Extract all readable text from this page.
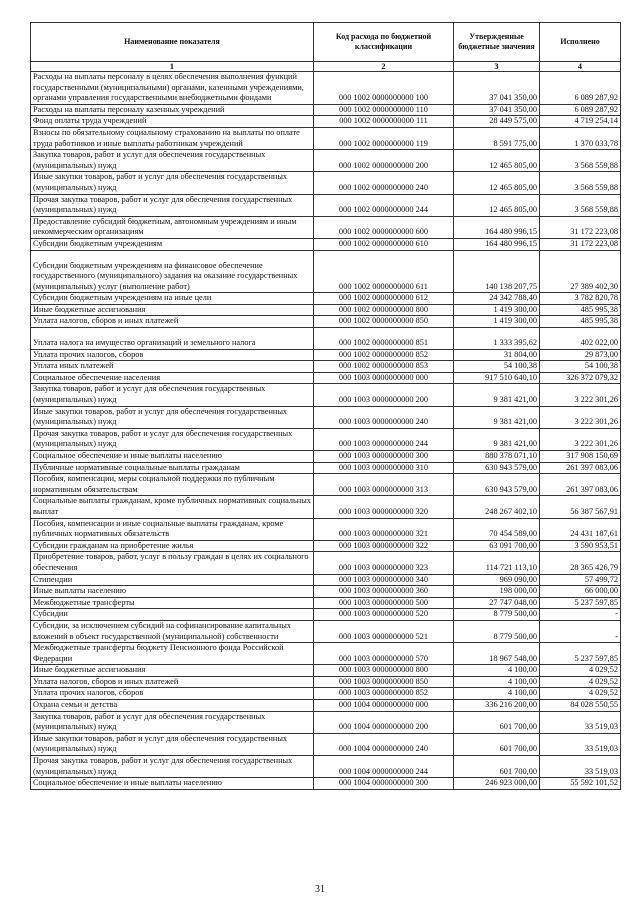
Наименование показателя	Код расхода по бюджетной классификации	Утвержденные бюджетные значения	Исполнено
1	2	3	4
Расходы на выплаты персоналу в целях обеспечения выполнения функций государственными (муниципальными) органами, казенными учреждениями, органами управления государственными внебюджетными фондами	000 1002 0000000000 100	37 041 350,00	6 089 287,92
Расходы на выплаты персоналу казенных учреждений	000 1002 0000000000 110	37 041 350,00	6 089 287,92
Фонд оплаты труда учреждений	000 1002 0000000000 111	28 449 575,00	4 719 254,14
Взносы по обязательному социальному страхованию на выплаты по оплате труда работников и иные выплаты работникам учреждений	000 1002 0000000000 119	8 591 775,00	1 370 033,78
Закупка товаров, работ и услуг для обеспечения государственных (муниципальных) нужд	000 1002 0000000000 200	12 465 805,00	3 568 559,88
Иные закупки товаров, работ и услуг для обеспечения государственных (муниципальных) нужд	000 1002 0000000000 240	12 465 805,00	3 568 559,88
Прочая закупка товаров, работ и услуг для обеспечения государственных (муниципальных) нужд	000 1002 0000000000 244	12 465 805,00	3 568 559,88
Предоставление субсидий бюджетным, автономным учреждениям и иным некоммерческим организациям	000 1002 0000000000 600	164 480 996,15	31 172 223,08
Субсидии бюджетным учреждениям	000 1002 0000000000 610	164 480 996,15	31 172 223,08
Субсидии бюджетным учреждениям на финансовое обеспечение государственного (муниципального) задания на оказание государственных (муниципальных) услуг (выполнение работ)	000 1002 0000000000 611	140 138 207,75	27 389 402,30
Субсидии бюджетным учреждениям на иные цели	000 1002 0000000000 612	24 342 788,40	3 782 820,78
Иные бюджетные ассигнования	000 1002 0000000000 800	1 419 300,00	485 995,38
Уплата налогов, сборов и иных платежей	000 1002 0000000000 850	1 419 300,00	485 995,38
Уплата налога на имущество организаций и земельного налога	000 1002 0000000000 851	1 333 395,62	402 022,00
Уплата прочих налогов, сборов	000 1002 0000000000 852	31 804,00	29 873,00
Уплата иных платежей	000 1002 0000000000 853	54 100,38	54 100,38
Социальное обеспечение населения	000 1003 0000000000 000	917 510 640,10	326 372 079,32
Закупка товаров, работ и услуг для обеспечения государственных (муниципальных) нужд	000 1003 0000000000 200	9 381 421,00	3 222 301,26
Иные закупки товаров, работ и услуг для обеспечения государственных (муниципальных) нужд	000 1003 0000000000 240	9 381 421,00	3 222 301,26
Прочая закупка товаров, работ и услуг для обеспечения государственных (муниципальных) нужд	000 1003 0000000000 244	9 381 421,00	3 222 301,26
Социальное обеспечение и иные выплаты населению	000 1003 0000000000 300	880 378 071,10	317 908 150,69
Публичные нормативные социальные выплаты гражданам	000 1003 0000000000 310	630 943 579,00	261 397 083,06
Пособия, компенсации, меры социальной поддержки по публичным нормативным обязательствам	000 1003 0000000000 313	630 943 579,00	261 397 083,06
Социальные выплаты гражданам, кроме публичных нормативных социальных выплат	000 1003 0000000000 320	248 267 402,10	56 387 567,91
Пособия, компенсации и иные социальные выплаты гражданам, кроме публичных нормативных обязательств	000 1003 0000000000 321	70 454 589,00	24 431 187,61
Субсидии гражданам на приобретение жилья	000 1003 0000000000 322	63 091 700,00	3 590 953,51
Приобретение товаров, работ, услуг в пользу граждан в целях их социального обеспечения	000 1003 0000000000 323	114 721 113,10	28 365 426,79
Стипендии	000 1003 0000000000 340	969 090,00	57 499,72
Иные выплаты населению	000 1003 0000000000 360	198 000,00	66 000,00
Межбюджетные трансферты	000 1003 0000000000 500	27 747 048,00	5 237 597,85
Субсидии	000 1003 0000000000 520	8 779 500,00	-
Субсидии, за исключением субсидий на софинансирование капитальных вложений в объект государственной (муниципальной) собственности	000 1003 0000000000 521	8 779 500,00	-
Межбюджетные трансферты бюджету Пенсионного фонда Российской Федерации	000 1003 0000000000 570	18 967 548,00	5 237 597,85
Иные бюджетные ассигнования	000 1003 0000000000 800	4 100,00	4 029,52
Уплата налогов, сборов и иных платежей	000 1003 0000000000 850	4 100,00	4 029,52
Уплата прочих налогов, сборов	000 1003 0000000000 852	4 100,00	4 029,52
Охрана семьи и детства	000 1004 0000000000 000	336 216 200,00	84 028 550,55
Закупка товаров, работ и услуг для обеспечения государственных (муниципальных) нужд	000 1004 0000000000 200	601 700,00	33 519,03
Иные закупки товаров, работ и услуг для обеспечения государственных (муниципальных) нужд	000 1004 0000000000 240	601 700,00	33 519,03
Прочая закупка товаров, работ и услуг для обеспечения государственных (муниципальных) нужд	000 1004 0000000000 244	601 700,00	33 519,03
Социальное обеспечение и иные выплаты населению	000 1004 0000000000 300	246 923 000,00	55 592 101,52
31
